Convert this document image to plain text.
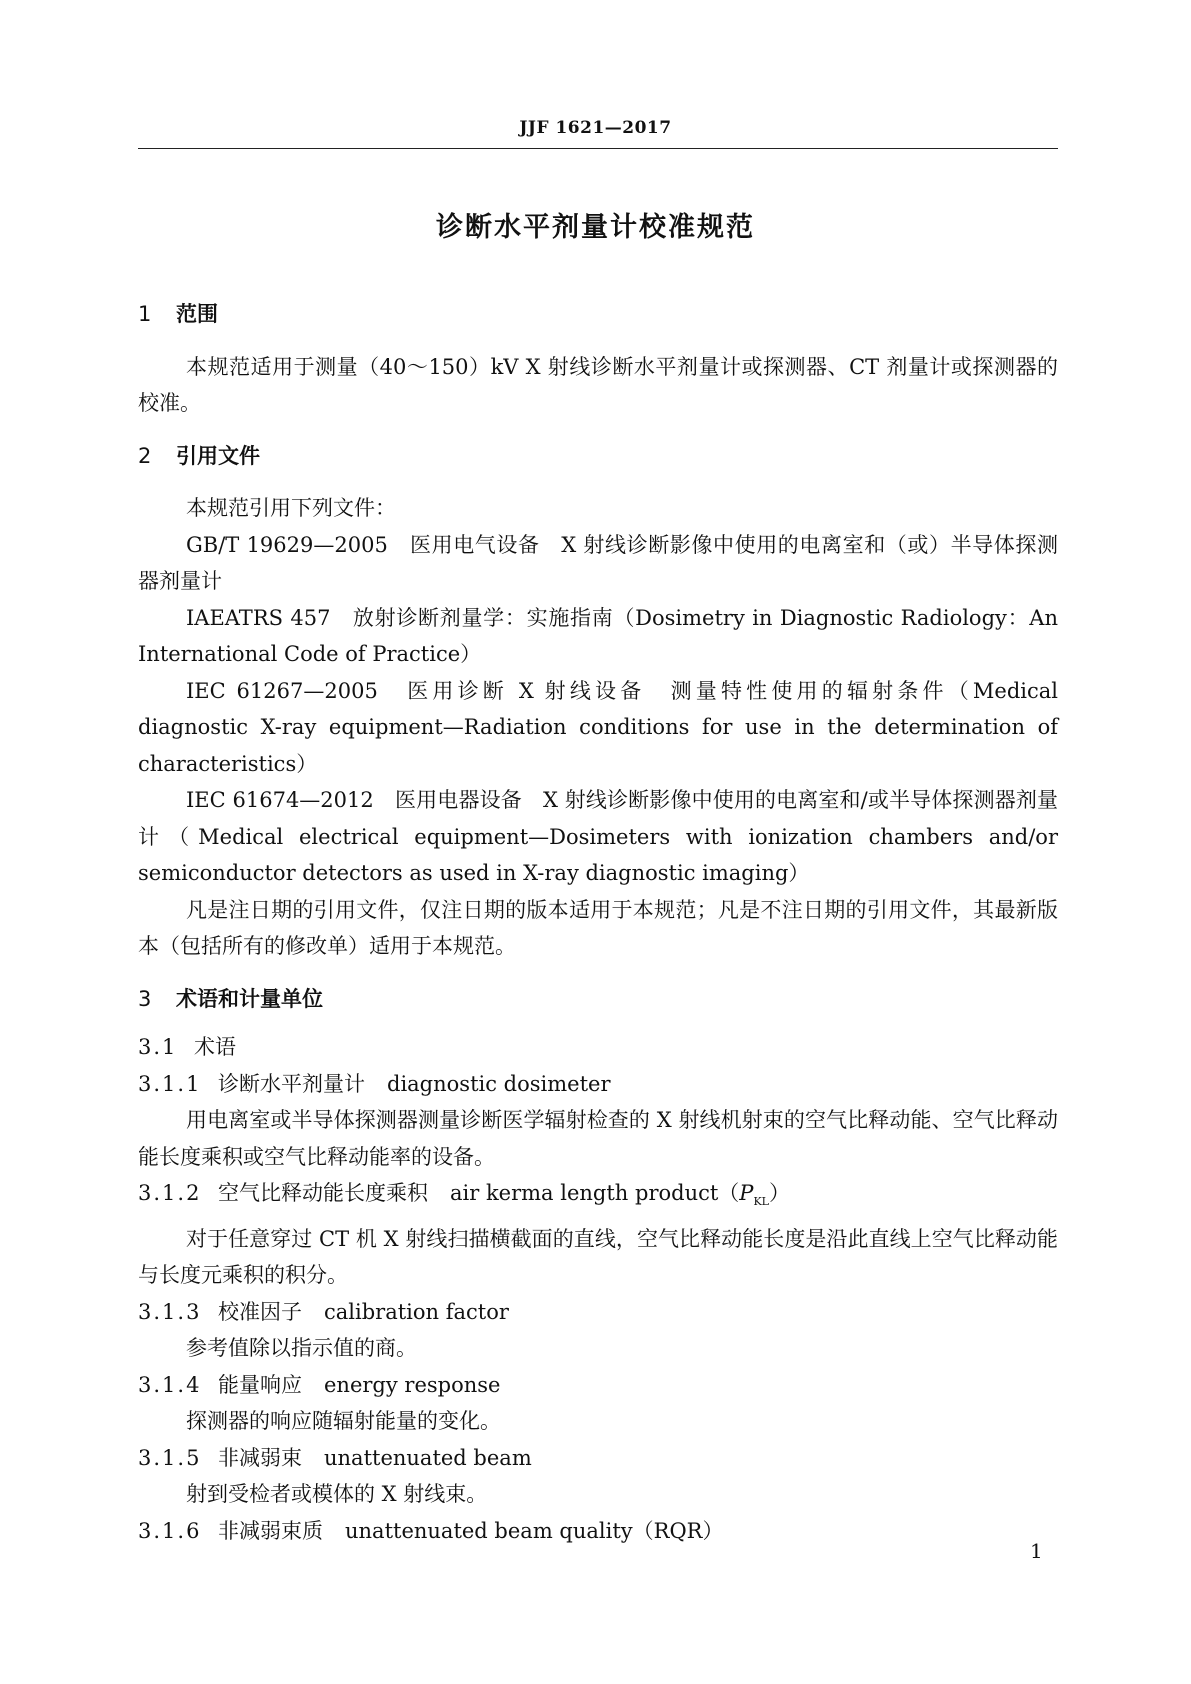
JJF 1621—2017
诊断水平剂量计校准规范

1 范围

本规范适用于测量（40～150）kV X 射线诊断水平剂量计或探测器、CT 剂量计或探测器的校准。

2 引用文件

本规范引用下列文件：

GB/T 19629—2005　医用电气设备　X 射线诊断影像中使用的电离室和（或）半导体探测器剂量计

IAEATRS 457　放射诊断剂量学：实施指南（Dosimetry in Diagnostic Radiology：An International Code of Practice）

IEC 61267—2005　医用诊断 X 射线设备　测量特性使用的辐射条件（Medical diagnostic X-ray equipment—Radiation conditions for use in the determination of characteristics）

IEC 61674—2012　医用电器设备　X 射线诊断影像中使用的电离室和/或半导体探测器剂量计（Medical electrical equipment—Dosimeters with ionization chambers and/or semiconductor detectors as used in X-ray diagnostic imaging）

凡是注日期的引用文件，仅注日期的版本适用于本规范；凡是不注日期的引用文件，其最新版本（包括所有的修改单）适用于本规范。

3 术语和计量单位

3.1 术语

3.1.1 诊断水平剂量计 diagnostic dosimeter

用电离室或半导体探测器测量诊断医学辐射检查的 X 射线机射束的空气比释动能、空气比释动能长度乘积或空气比释动能率的设备。

3.1.2 空气比释动能长度乘积 air kerma length $product(P_{KL})$

对于任意穿过 CT 机 X 射线扫描横截面的直线，空气比释动能长度是沿此直线上空气比释动能与长度元乘积的积分。

3.1.3 校准因子 calibration factor

参考值除以指示值的商。

3.1.4 能量响应 energy response

探测器的响应随辐射能量的变化。

3.1.5 非减弱束 unattenuated beam

射到受检者或模体的 X 射线束。

3.1.6 非减弱束质 unattenuated beam quality（RQR）

1
